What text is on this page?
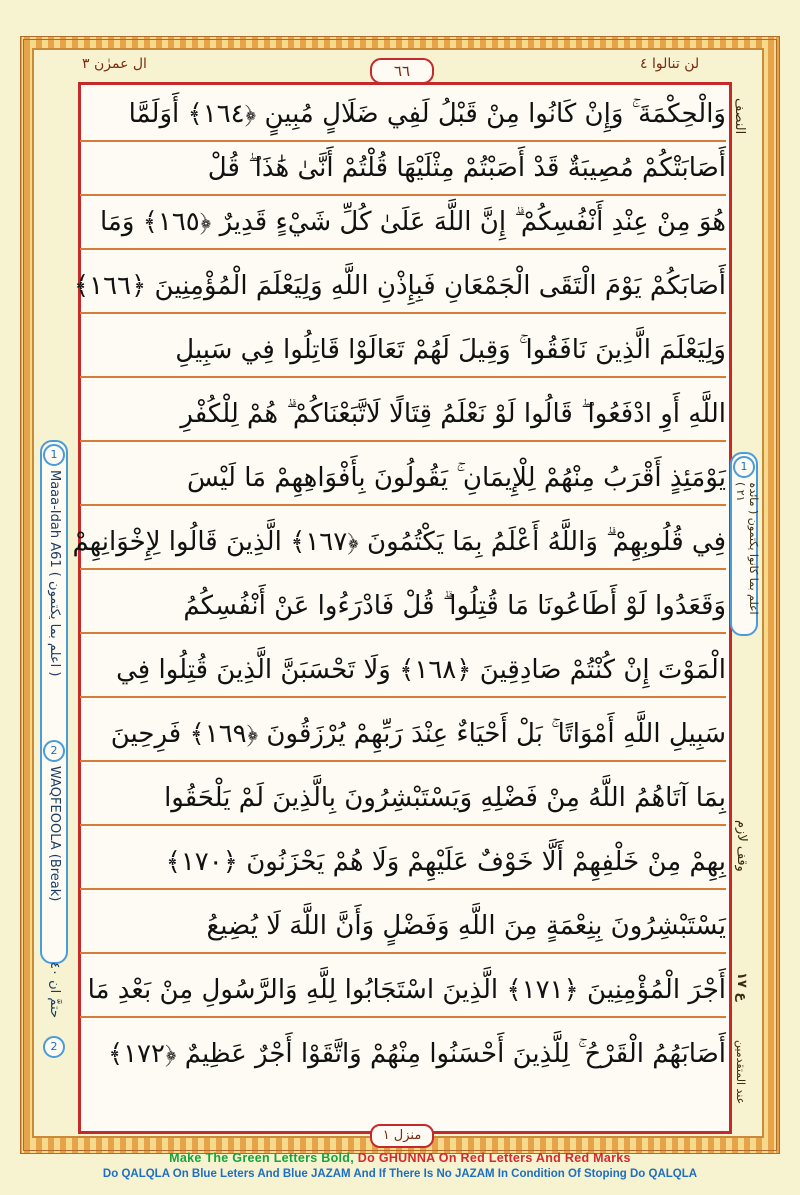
ال عمرٰن ٣	٦٦	لن تنالوا ٤
وَالْحِكْمَةَ ۚ وَإِنْ كَانُوا مِنْ قَبْلُ لَفِي ضَلَالٍ مُبِينٍ ﴿١٦٤﴾ أَوَلَمَّا
أَصَابَتْكُمْ مُصِيبَةٌ قَدْ أَصَبْتُمْ مِثْلَيْهَا قُلْتُمْ أَنَّىٰ هَٰذَا ۖ قُلْ
هُوَ مِنْ عِنْدِ أَنْفُسِكُمْ ۗ إِنَّ اللَّهَ عَلَىٰ كُلِّ شَيْءٍ قَدِيرٌ ﴿١٦٥﴾ وَمَا
أَصَابَكُمْ يَوْمَ الْتَقَى الْجَمْعَانِ فَبِإِذْنِ اللَّهِ وَلِيَعْلَمَ الْمُؤْمِنِينَ ﴿١٦٦﴾
وَلِيَعْلَمَ الَّذِينَ نَافَقُوا ۚ وَقِيلَ لَهُمْ تَعَالَوْا قَاتِلُوا فِي سَبِيلِ
اللَّهِ أَوِ ادْفَعُوا ۖ قَالُوا لَوْ نَعْلَمُ قِتَالًا لَاتَّبَعْنَاكُمْ ۗ هُمْ لِلْكُفْرِ
يَوْمَئِذٍ أَقْرَبُ مِنْهُمْ لِلْإِيمَانِ ۚ يَقُولُونَ بِأَفْوَاهِهِمْ مَا لَيْسَ
فِي قُلُوبِهِمْ ۗ وَاللَّهُ أَعْلَمُ بِمَا يَكْتُمُونَ ﴿١٦٧﴾ الَّذِينَ قَالُوا لِإِخْوَانِهِمْ
وَقَعَدُوا لَوْ أَطَاعُونَا مَا قُتِلُوا ۗ قُلْ فَادْرَءُوا عَنْ أَنْفُسِكُمُ
الْمَوْتَ إِنْ كُنْتُمْ صَادِقِينَ ﴿١٦٨﴾ وَلَا تَحْسَبَنَّ الَّذِينَ قُتِلُوا فِي
سَبِيلِ اللَّهِ أَمْوَاتًا ۚ بَلْ أَحْيَاءٌ عِنْدَ رَبِّهِمْ يُرْزَقُونَ ﴿١٦٩﴾ فَرِحِينَ
بِمَا آتَاهُمُ اللَّهُ مِنْ فَضْلِهِ وَيَسْتَبْشِرُونَ بِالَّذِينَ لَمْ يَلْحَقُوا
بِهِمْ مِنْ خَلْفِهِمْ أَلَّا خَوْفٌ عَلَيْهِمْ وَلَا هُمْ يَحْزَنُونَ ﴿١٧٠﴾
يَسْتَبْشِرُونَ بِنِعْمَةٍ مِنَ اللَّهِ وَفَضْلٍ وَأَنَّ اللَّهَ لَا يُضِيعُ
أَجْرَ الْمُؤْمِنِينَ ﴿١٧١﴾ الَّذِينَ اسْتَجَابُوا لِلَّهِ وَالرَّسُولِ مِنْ بَعْدِ مَا
أَصَابَهُمُ الْقَرْحُ ۚ لِلَّذِينَ أَحْسَنُوا مِنْهُمْ وَاتَّقَوْا أَجْرٌ عَظِيمٌ ﴿١٧٢﴾
1
Maaa-Idah A61 ( اعلم بما يكتمون )
2
WAQFEOOLA (Break)
حتمَّ ان ٤٠
2
النصف
1
اعلم بما كانوا يكتمون ( مائدہ ٢١ )
وقف لازم
ع ١٧
عند المتقدمين
منزل ١
Make The Green Letters Bold, Do GHUNNA On Red Letters And Red Marks
Do QALQLA On Blue Leters And Blue JAZAM And If There Is No JAZAM In Condition Of Stoping Do QALQLA
